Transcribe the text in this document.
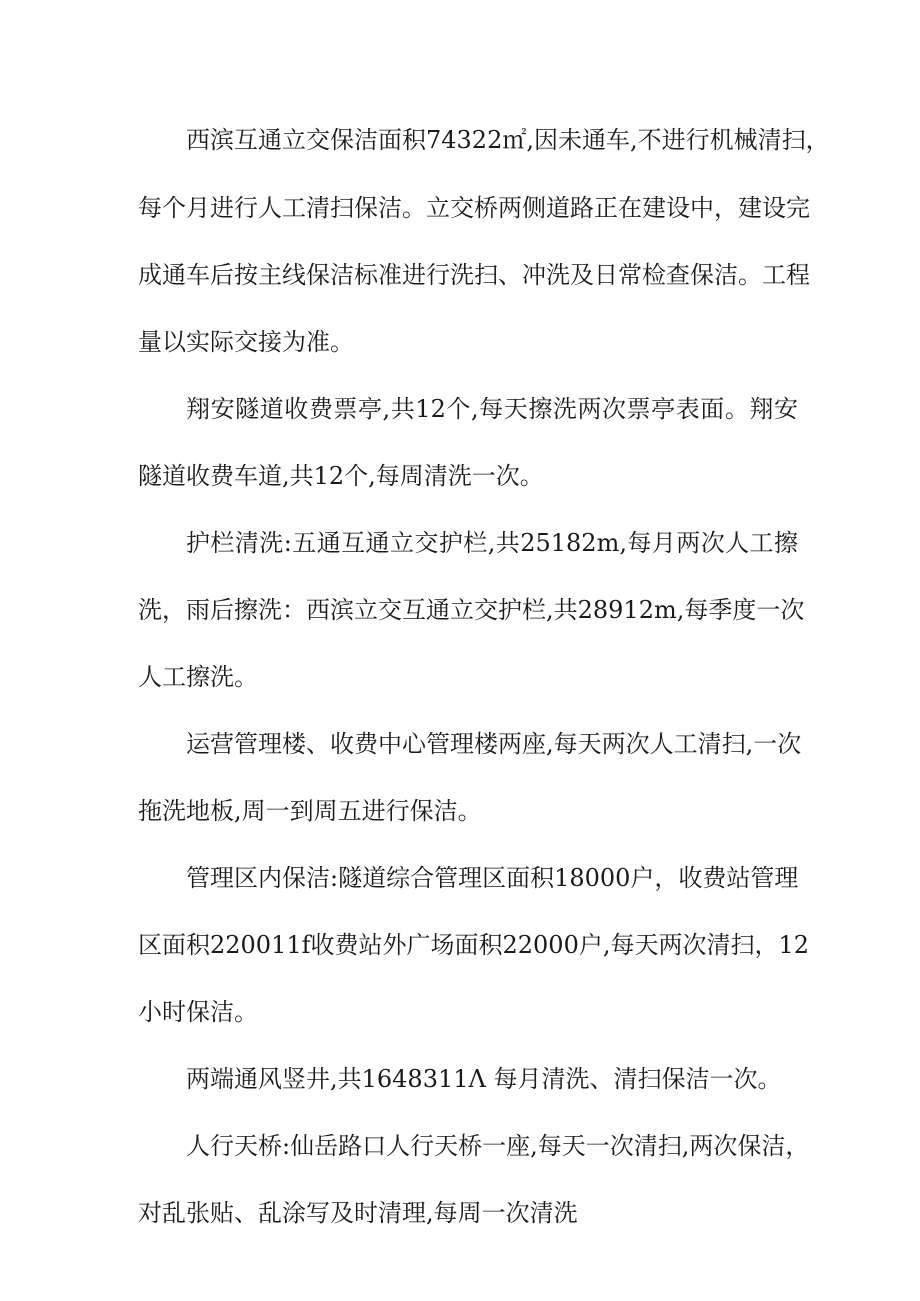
西滨互通立交保洁面积74322㎡,因未通车,不进行机械清扫，
每个月进行人工清扫保洁。立交桥两侧道路正在建设中，建设完
成通车后按主线保洁标准进行洗扫、冲洗及日常检查保洁。工程
量以实际交接为准。
翔安隧道收费票亭,共12个,每天擦洗两次票亭表面。翔安
隧道收费车道,共12个,每周清洗一次。
护栏清洗:五通互通立交护栏,共25182m,每月两次人工擦
洗，雨后擦洗：西滨立交互通立交护栏,共28912m,每季度一次
人工擦洗。
运营管理楼、收费中心管理楼两座,每天两次人工清扫,一次
拖洗地板,周一到周五进行保洁。
管理区内保洁:隧道综合管理区面积18000户，收费站管理
区面积220011f收费站外广场面积22000户,每天两次清扫，12
小时保洁。
两端通风竖井,共1648311Λ 每月清洗、清扫保洁一次。
人行天桥:仙岳路口人行天桥一座,每天一次清扫,两次保洁，
对乱张贴、乱涂写及时清理,每周一次清洗
